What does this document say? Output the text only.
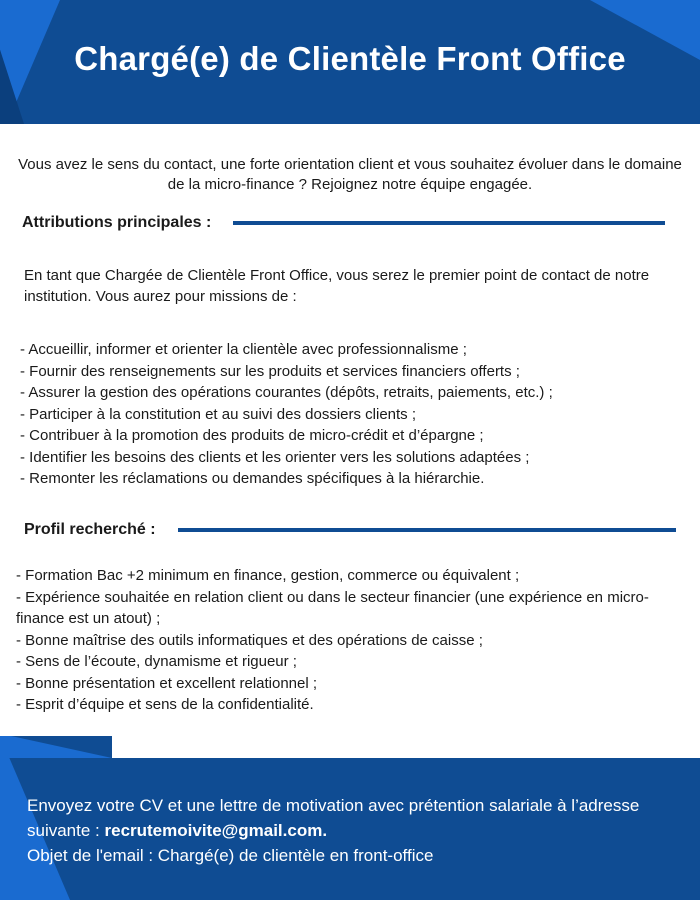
Chargé(e) de Clientèle Front Office
Vous avez le sens du contact, une forte orientation client et vous souhaitez évoluer dans le domaine de la micro-finance ? Rejoignez notre équipe engagée.
Attributions principales :
En tant que Chargée de Clientèle Front Office, vous serez le premier point de contact de notre institution. Vous aurez pour missions de :
- Accueillir, informer et orienter la clientèle avec professionnalisme ;
- Fournir des renseignements sur les produits et services financiers offerts ;
- Assurer la gestion des opérations courantes (dépôts, retraits, paiements, etc.) ;
- Participer à la constitution et au suivi des dossiers clients ;
- Contribuer à la promotion des produits de micro-crédit et d’épargne ;
- Identifier les besoins des clients et les orienter vers les solutions adaptées ;
- Remonter les réclamations ou demandes spécifiques à la hiérarchie.
Profil recherché :
- Formation Bac +2 minimum en finance, gestion, commerce ou équivalent ;
- Expérience souhaitée en relation client ou dans le secteur financier (une expérience en micro-finance est un atout) ;
- Bonne maîtrise des outils informatiques et des opérations de caisse ;
- Sens de l’écoute, dynamisme et rigueur ;
- Bonne présentation et excellent relationnel ;
- Esprit d’équipe et sens de la confidentialité.
Envoyez votre CV et une lettre de motivation avec prétention salariale à l’adresse suivante : recrutemoivite@gmail.com.
Objet de l'email : Chargé(e) de clientèle en front-office
